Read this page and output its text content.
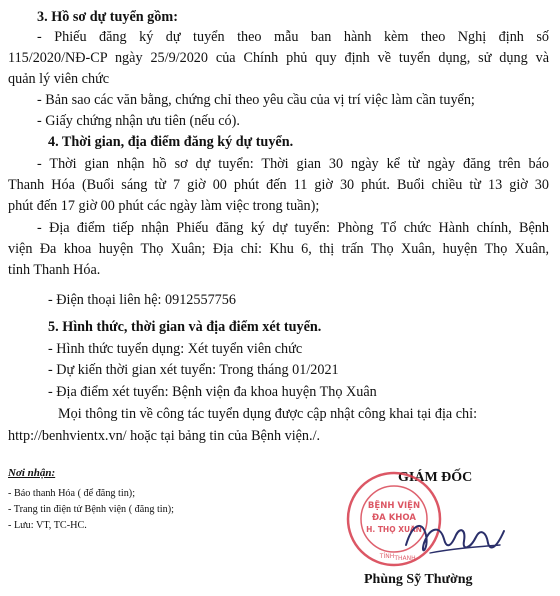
3. Hồ sơ dự tuyển gồm:
- Phiếu đăng ký dự tuyển theo mẫu ban hành kèm theo Nghị định số
115/2020/NĐ-CP ngày 25/9/2020 của Chính phủ quy định về tuyển dụng, sử dụng và
quản lý viên chức
- Bản sao các văn bằng, chứng chỉ theo yêu cầu của vị trí việc làm cần tuyển;
- Giấy chứng nhận ưu tiên (nếu có).
4. Thời gian, địa điểm đăng ký dự tuyển.
- Thời gian nhận hồ sơ dự tuyển: Thời gian 30 ngày kể từ ngày đăng trên báo
Thanh Hóa (Buổi sáng từ 7 giờ 00 phút đến 11 giờ 30 phút. Buổi chiều từ 13 giờ 30
phút đến 17 giờ 00 phút các ngày làm việc trong tuần);
- Địa điểm tiếp nhận Phiếu đăng ký dự tuyển: Phòng Tổ chức Hành chính, Bệnh
viện Đa khoa huyện Thọ Xuân; Địa chỉ: Khu 6, thị trấn Thọ Xuân, huyện Thọ Xuân,
tỉnh Thanh Hóa.
- Điện thoại liên hệ: 0912557756
5. Hình thức, thời gian và địa điểm xét tuyển.
- Hình thức tuyển dụng: Xét tuyển viên chức
- Dự kiến thời gian xét tuyển: Trong tháng 01/2021
- Địa điểm xét tuyển: Bệnh viện đa khoa huyện Thọ Xuân
Mọi thông tin về công tác tuyển dụng được cập nhật công khai tại địa chỉ:
http://benhvientx.vn/ hoặc tại bảng tin của Bệnh viện./.
Nơi nhận:
- Báo thanh Hóa ( để đăng tin);
- Trang tin điện tử Bệnh viện ( đăng tin);
- Lưu: VT, TC-HC.
GIÁM ĐỐC
BỆNH VIỆN
ĐA KHOA
H. THỌ XUÂN
TỈNH THANH
Phùng Sỹ Thường
